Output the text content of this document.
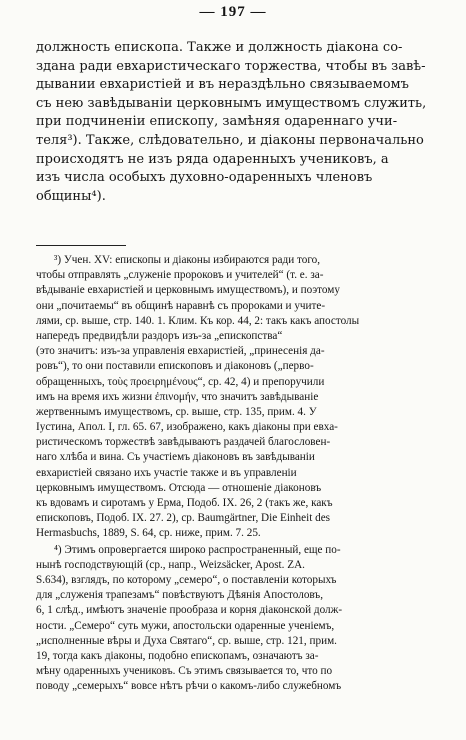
— 197 —
должность епископа. Также и должность діакона со-
здана ради евхаристическаго торжества, чтобы въ завѣ-
дывании евхаристіей и въ нераздѣльно связываемомъ
съ нею завѣдываніи церковнымъ имуществомъ служить,
при подчиненіи епископу, замѣняя одареннаго учи-
теля³). Также, слѣдовательно, и діаконы первоначально
происходятъ не изъ ряда одаренныхъ учениковъ, а
изъ числа особыхъ духовно-одаренныхъ членовъ
общины⁴).
³) Учен. XV: епископы и діаконы избираются ради того,
чтобы отправлять „служеніе пророковъ и учителей“ (т. е. за-
вѣдываніе евхаристіей и церковнымъ имуществомъ), и поэтому
они „почитаемы“ въ общинѣ наравнѣ съ пророками и учите-
лями, ср. выше, стр. 140. 1. Клим. Къ кор. 44, 2: такъ какъ апостолы
напередъ предвидѣли раздоръ изъ-за „епископства“
(это значитъ: изъ-за управленія евхаристіей, „принесенія да-
ровъ“), то они поставили епископовъ и діаконовъ („перво-
обращенныхъ, τοὺς προειρημένους“, ср. 42, 4) и препоручили
имъ на время ихъ жизни ἐπινομήν, что значитъ завѣдываніе
жертвеннымъ имуществомъ, ср. выше, стр. 135, прим. 4. У
Іустина, Апол. I, гл. 65. 67, изображено, какъ діаконы при евха-
ристическомъ торжествѣ завѣдываютъ раздачей благословен-
наго хлѣба и вина. Съ участіемъ діаконовъ въ завѣдываніи
евхаристіей связано ихъ участіе также и въ управленіи
церковнымъ имуществомъ. Отсюда — отношеніе діаконовъ
къ вдовамъ и сиротамъ у Ерма, Подоб. IX. 26, 2 (такъ же, какъ
епископовъ, Подоб. IX. 27. 2), ср. Baumgärtner, Die Einheit des
Hermasbuchs, 1889, S. 64, ср. ниже, прим. 7. 25.
⁴) Этимъ опровергается широко распространенный, еще по-
нынѣ господствующій (ср., напр., Weizsäcker, Apost. ZA.
S.634), взглядъ, по которому „семеро“, о поставленіи которыхъ
для „служенія трапезамъ“ повѣствуютъ Дѣянія Апостоловъ,
6, 1 слѣд., имѣютъ значеніе прообраза и корня діаконской долж-
ности. „Семеро“ суть мужи, апостольски одаренные ученіемъ,
„исполненные вѣры и Духа Святаго“, ср. выше, стр. 121, прим.
19, тогда какъ діаконы, подобно епископамъ, означаютъ за-
мѣну одаренныхъ учениковъ. Съ этимъ связывается то, что по
поводу „семерыхъ“ вовсе нѣтъ рѣчи о какомъ-либо служебномъ
